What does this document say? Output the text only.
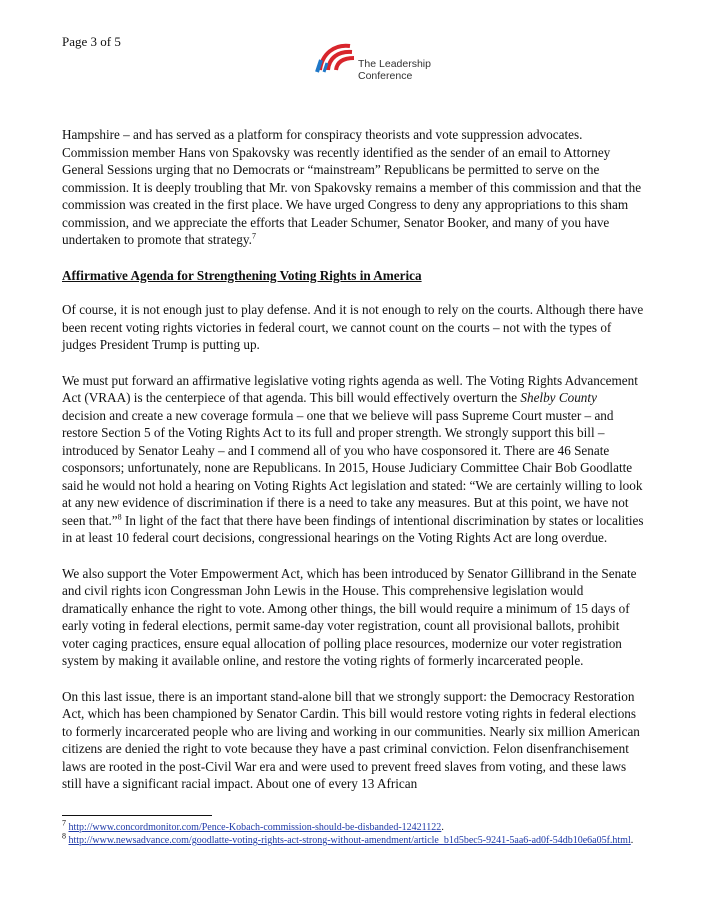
Page 3 of 5
The Leadership
Conference

Hampshire – and has served as a platform for conspiracy theorists and vote suppression advocates. Commission member Hans von Spakovsky was recently identified as the sender of an email to Attorney General Sessions urging that no Democrats or “mainstream” Republicans be permitted to serve on the commission. It is deeply troubling that Mr. von Spakovsky remains a member of this commission and that the commission was created in the first place. We have urged Congress to deny any appropriations to this sham commission, and we appreciate the efforts that Leader Schumer, Senator Booker, and many of you have undertaken to promote that strategy.$^7$

Affirmative Agenda for Strengthening Voting Rights in America

Of course, it is not enough just to play defense. And it is not enough to rely on the courts. Although there have been recent voting rights victories in federal court, we cannot count on the courts – not with the types of judges President Trump is putting up.

We must put forward an affirmative legislative voting rights agenda as well. The Voting Rights Advancement Act (VRAA) is the centerpiece of that agenda. This bill would effectively overturn the Shelby County decision and create a new coverage formula – one that we believe will pass Supreme Court muster – and restore Section 5 of the Voting Rights Act to its full and proper strength. We strongly support this bill – introduced by Senator Leahy – and I commend all of you who have cosponsored it. There are 46 Senate cosponsors; unfortunately, none are Republicans. In 2015, House Judiciary Committee Chair Bob Goodlatte said he would not hold a hearing on Voting Rights Act legislation and stated: “We are certainly willing to look at any new evidence of discrimination if there is a need to take any measures. But at this point, we have not seen that.”$^8$ In light of the fact that there have been findings of intentional discrimination by states or localities in at least 10 federal court decisions, congressional hearings on the Voting Rights Act are long overdue.

We also support the Voter Empowerment Act, which has been introduced by Senator Gillibrand in the Senate and civil rights icon Congressman John Lewis in the House. This comprehensive legislation would dramatically enhance the right to vote. Among other things, the bill would require a minimum of 15 days of early voting in federal elections, permit same-day voter registration, count all provisional ballots, prohibit voter caging practices, ensure equal allocation of polling place resources, modernize our voter registration system by making it available online, and restore the voting rights of formerly incarcerated people.

On this last issue, there is an important stand-alone bill that we strongly support: the Democracy Restoration Act, which has been championed by Senator Cardin. This bill would restore voting rights in federal elections to formerly incarcerated people who are living and working in our communities. Nearly six million American citizens are denied the right to vote because they have a past criminal conviction. Felon disenfranchisement laws are rooted in the post-Civil War era and were used to prevent freed slaves from voting, and these laws still have a significant racial impact. About one of every 13 African

$^7$ http://www.concordmonitor.com/Pence-Kobach-commission-should-be-disbanded-12421122.
$^8$ http://www.newsadvance.com/goodlatte-voting-rights-act-strong-without-amendment/article_b1d5bec5-9241-5aa6-ad0f-54db10e6a05f.html.
